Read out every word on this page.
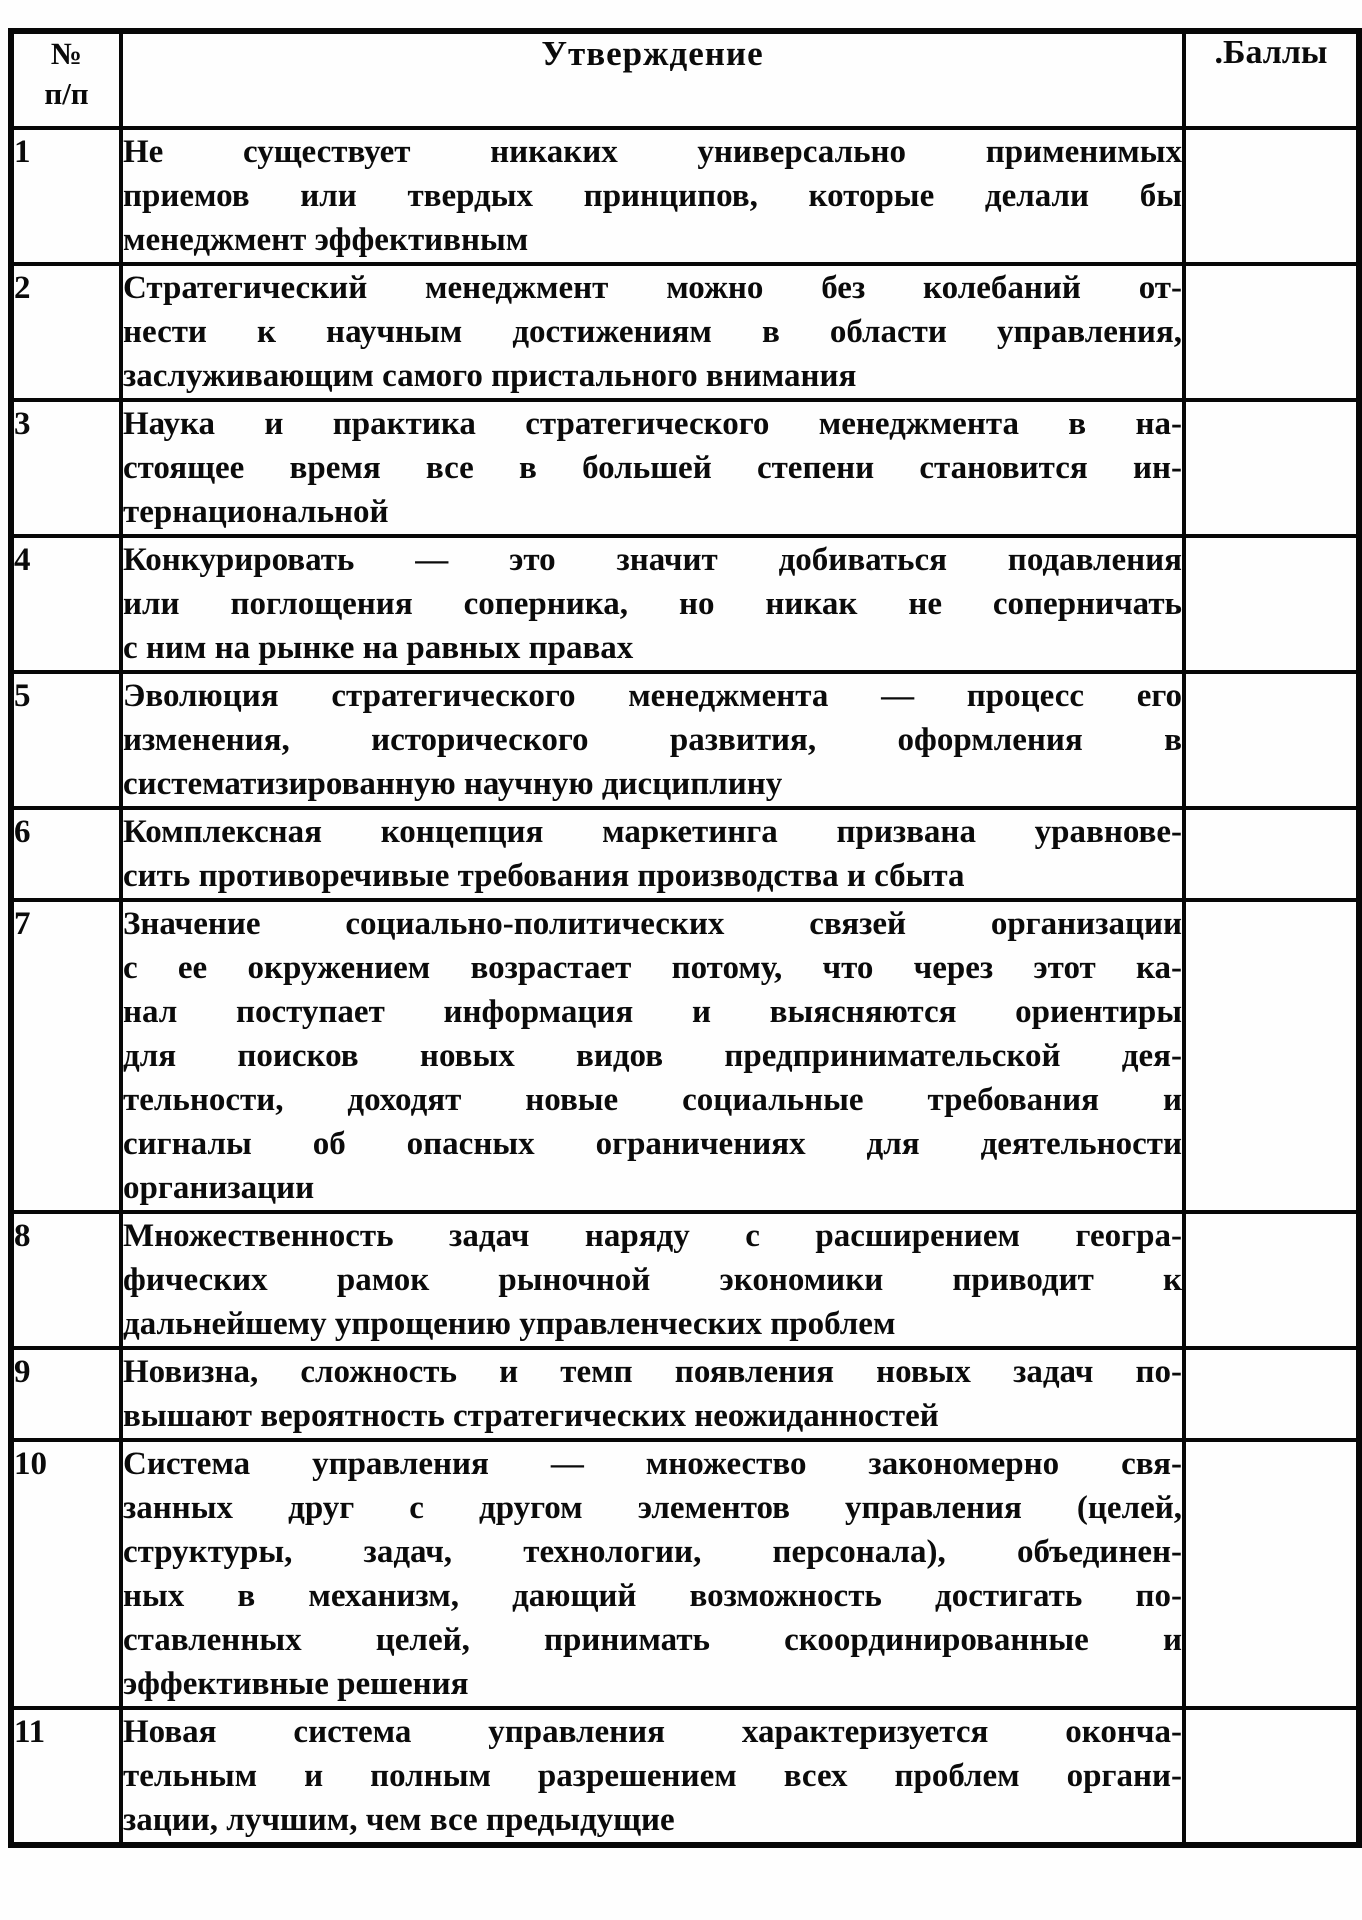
№
п/п	Утверждение	.Баллы
1	Не существует никаких универсально применимых
приемов или твердых принципов, которые делали бы
менеджмент эффективным	

2	Стратегический менеджмент можно без колебаний от-
нести к научным достижениям в области управления,
заслуживающим самого пристального внимания	

3	Наука и практика стратегического менеджмента в на-
стоящее время все в большей степени становится ин-
тернациональной	

4	Конкурировать — это значит добиваться подавления
или поглощения соперника, но никак не соперничать
с ним на рынке на равных правах	

5	Эволюция стратегического менеджмента — процесс его
изменения, исторического развития, оформления в
систематизированную научную дисциплину	

6	Комплексная концепция маркетинга призвана уравнове-
сить противоречивые требования производства и сбыта	

7	Значение социально-политических связей организации
с ее окружением возрастает потому, что через этот ка-
нал поступает информация и выясняются ориентиры
для поисков новых видов предпринимательской дея-
тельности, доходят новые социальные требования и
сигналы об опасных ограничениях для деятельности
организации

8	Множественность задач наряду с расширением геогра-
фических рамок рыночной экономики приводит к
дальнейшему упрощению управленческих проблем	

9	Новизна, сложность и темп появления новых задач по-
вышают вероятность стратегических неожиданностей	

10	Система управления — множество закономерно свя-
занных друг с другом элементов управления (целей,
структуры, задач, технологии, персонала), объединен-
ных в механизм, дающий возможность достигать по-
ставленных целей, принимать скоординированные и
эффективные решения

11	Новая система управления характеризуется оконча-
тельным и полным разрешением всех проблем органи-
зации, лучшим, чем все предыдущие	
